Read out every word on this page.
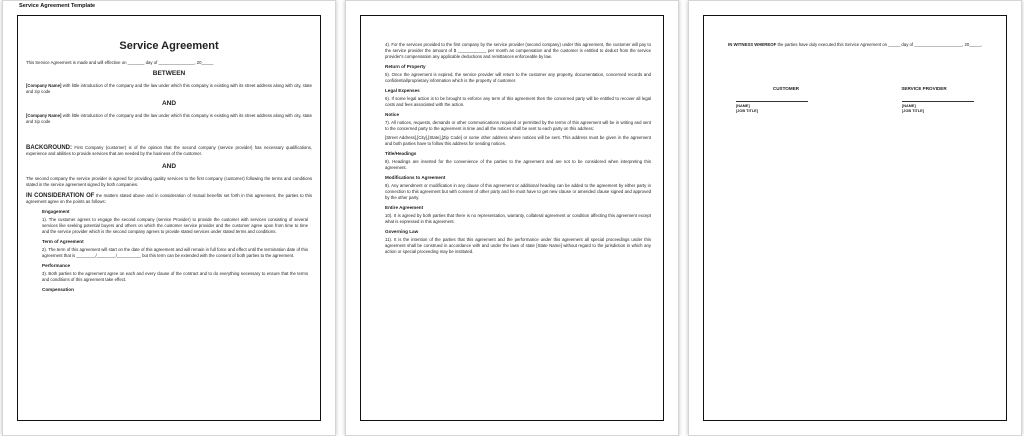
Service Agreement Template
Service Agreement

This Service Agreement is made and will effective on _______ day of _______________, 20_____

BETWEEN

[Company Name] with little introduction of the company and the law under which this company is existing with its street address along with city, state and zip code

AND

[Company Name] with little introduction of the company and the law under which this company is existing with its street address along with city, state and zip code

BACKGROUND: First Company (customer) is of the opinion that the second company (service provider) has necessary qualifications, experience and abilities to provide services that are needed by the business of the customer.

AND

The second company the service provider is agreed for providing quality services to the first company (customer) following the terms and conditions stated in the service agreement signed by both companies.

IN CONSIDERATION OF the matters stated above and in consideration of mutual benefits set forth in this agreement, the parties to this agreement agree on the points as follows:

Engagement

1). The customer agrees to engage the second company (service Provider) to provide the customer with services consisting of several services like seeking potential buyers and others on which the customer service provider and the customer agree upon from time to time and the service provider which is the second company agrees to provide stated services under stated terms and conditions.

Term of Agreement

2). The term of this agreement will start on the date of this agreement and will remain in full force and effect until the termination date of this agreement that is ________/________/__________ but this term can be extended with the consent of both parties to the agreement.

Performance

3). Both parties to the agreement agree on each and every clause of the contract and to do everything necessary to ensure that the terms and conditions of this agreement take effect.

Compensation

4). For the services provided to the first company by the service provider (second company) under this agreement, the customer will pay to the service provider the amount of $ ____________ per month as compensation and the customer is entitled to deduct from the service provider's compensation any applicable deductions and remittances enforceable by law.

Return of Property

5). Once the agreement is expired, the service provider will return to the customer any property, documentation, concerned records and confidential/proprietary information which is the property of customer.

Legal Expenses

6). If some legal action is to be brought to enforce any term of this agreement then the concerned party will be entitled to recover all legal costs and fees associated with the action.

Notice

7). All notices, requests, demands or other communications required or permitted by the terms of this agreement will be in writing and sent to the concerned party to the agreement in time and all the notices shall be sent to each party on this address:

[Street Address],[City],[State],[Zip Code] or some other address where notices will be sent. This address must be given in the agreement and both parties have to follow this address for sending notices.

Title/Headings

8). Headings are inserted for the convenience of the parties to the agreement and are not to be considered when interpreting this agreement.

Modifications to Agreement

9). Any amendment or modification in any clause of this agreement or additional heading can be added to the agreement by either party in connection to this agreement but with consent of other party and he must have to get new clause or amended clause signed and approved by the other party.

Entire Agreement

10). It is agreed by both parties that there is no representation, warranty, collateral agreement or condition affecting this agreement except what is expressed in this agreement.

Governing Law

11). It is the intention of the parties that this agreement and the performance under this agreement all special proceedings under this agreement shall be construed in accordance with and under the laws of state [State Name] without regard to the jurisdiction in which any action or special proceeding may be instituted.

IN WITNESS WHEREOF the parties have duly executed this Service Agreement on _____ day of ____________________, 20_____.

CUSTOMER	SERVICE PROVIDER
[NAME]
[JOB TITLE]
[NAME]
[JOB TITLE]
